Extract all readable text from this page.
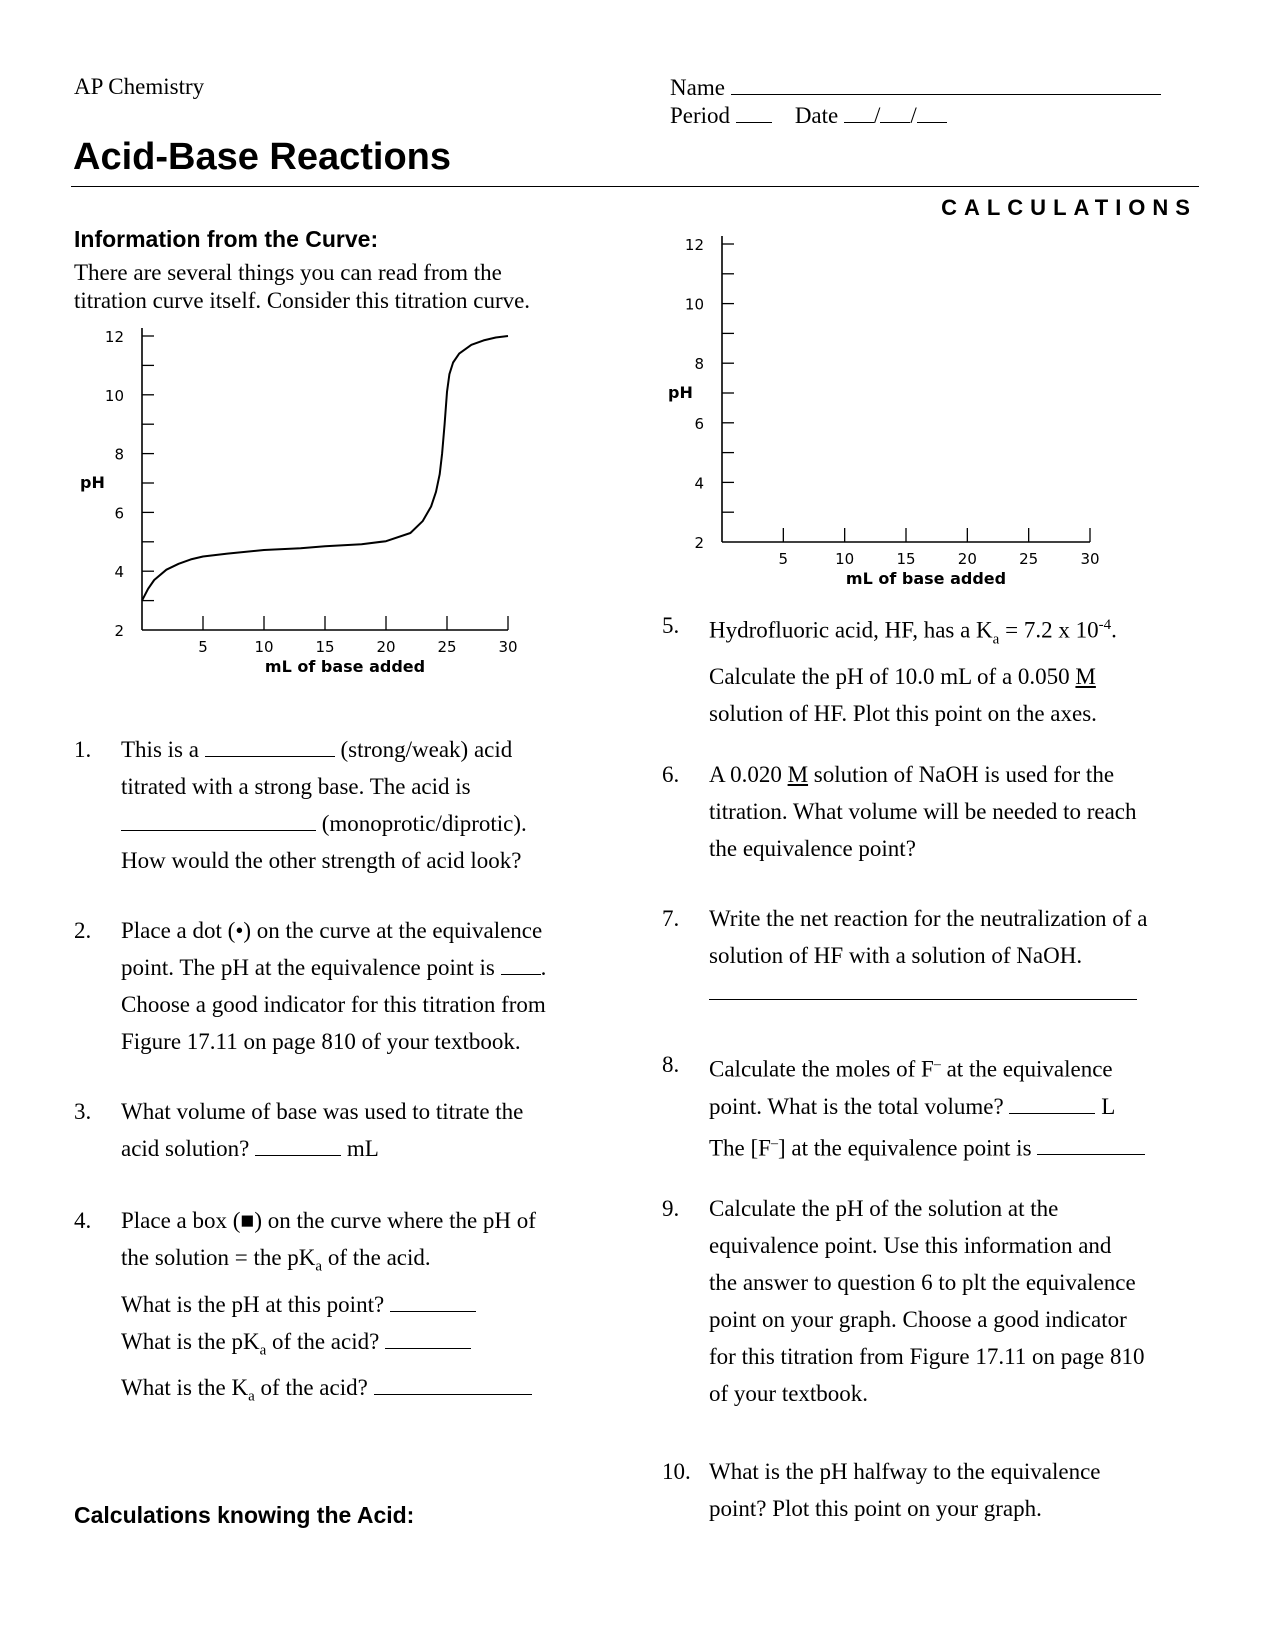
AP Chemistry	Name
Period	Date / /
Acid-Base Reactions
CALCULATIONS
Information from the Curve:
There are several things you can read from the
titration curve itself. Consider this titration curve.
2
4
6
8
10
12
5	10	15	20	25	30
pH
mL of base added
2
4
6
8
10
12
5	10	15	20	25	30
pH
mL of base added
1. This is a	(strong/weak) acid
titrated with a strong base. The acid is
(monoprotic/diprotic).
How would the other strength of acid look?
2. Place a dot (•) on the curve at the equivalence
point. The pH at the equivalence point is .
Choose a good indicator for this titration from
Figure 17.11 on page 810 of your textbook.
3. What volume of base was used to titrate the
acid solution?	mL
4. Place a box (■) on the curve where the pH of
the solution = the $pK_a$ of the acid.
What is the pH at this point?
What is the $pK_a$ of the acid?
What is the $K_a$ of the acid?
Calculations knowing the Acid:
5. Hydrofluoric acid, HF, has a $K_a = 7.2$ x $10^{-4}$.
Calculate the pH of 10.0 mL of a 0.050 M
solution of HF. Plot this point on the axes.
6. A 0.020 M solution of NaOH is used for the
titration. What volume will be needed to reach
the equivalence point?
7. Write the net reaction for the neutralization of a
solution of HF with a solution of NaOH.
8. Calculate the moles of F– at the equivalence
point. What is the total volume?	L
The [F–] at the equivalence point is
9. Calculate the pH of the solution at the
equivalence point. Use this information and
the answer to question 6 to plt the equivalence
point on your graph. Choose a good indicator
for this titration from Figure 17.11 on page 810
of your textbook.
10. What is the pH halfway to the equivalence
point? Plot this point on your graph.
